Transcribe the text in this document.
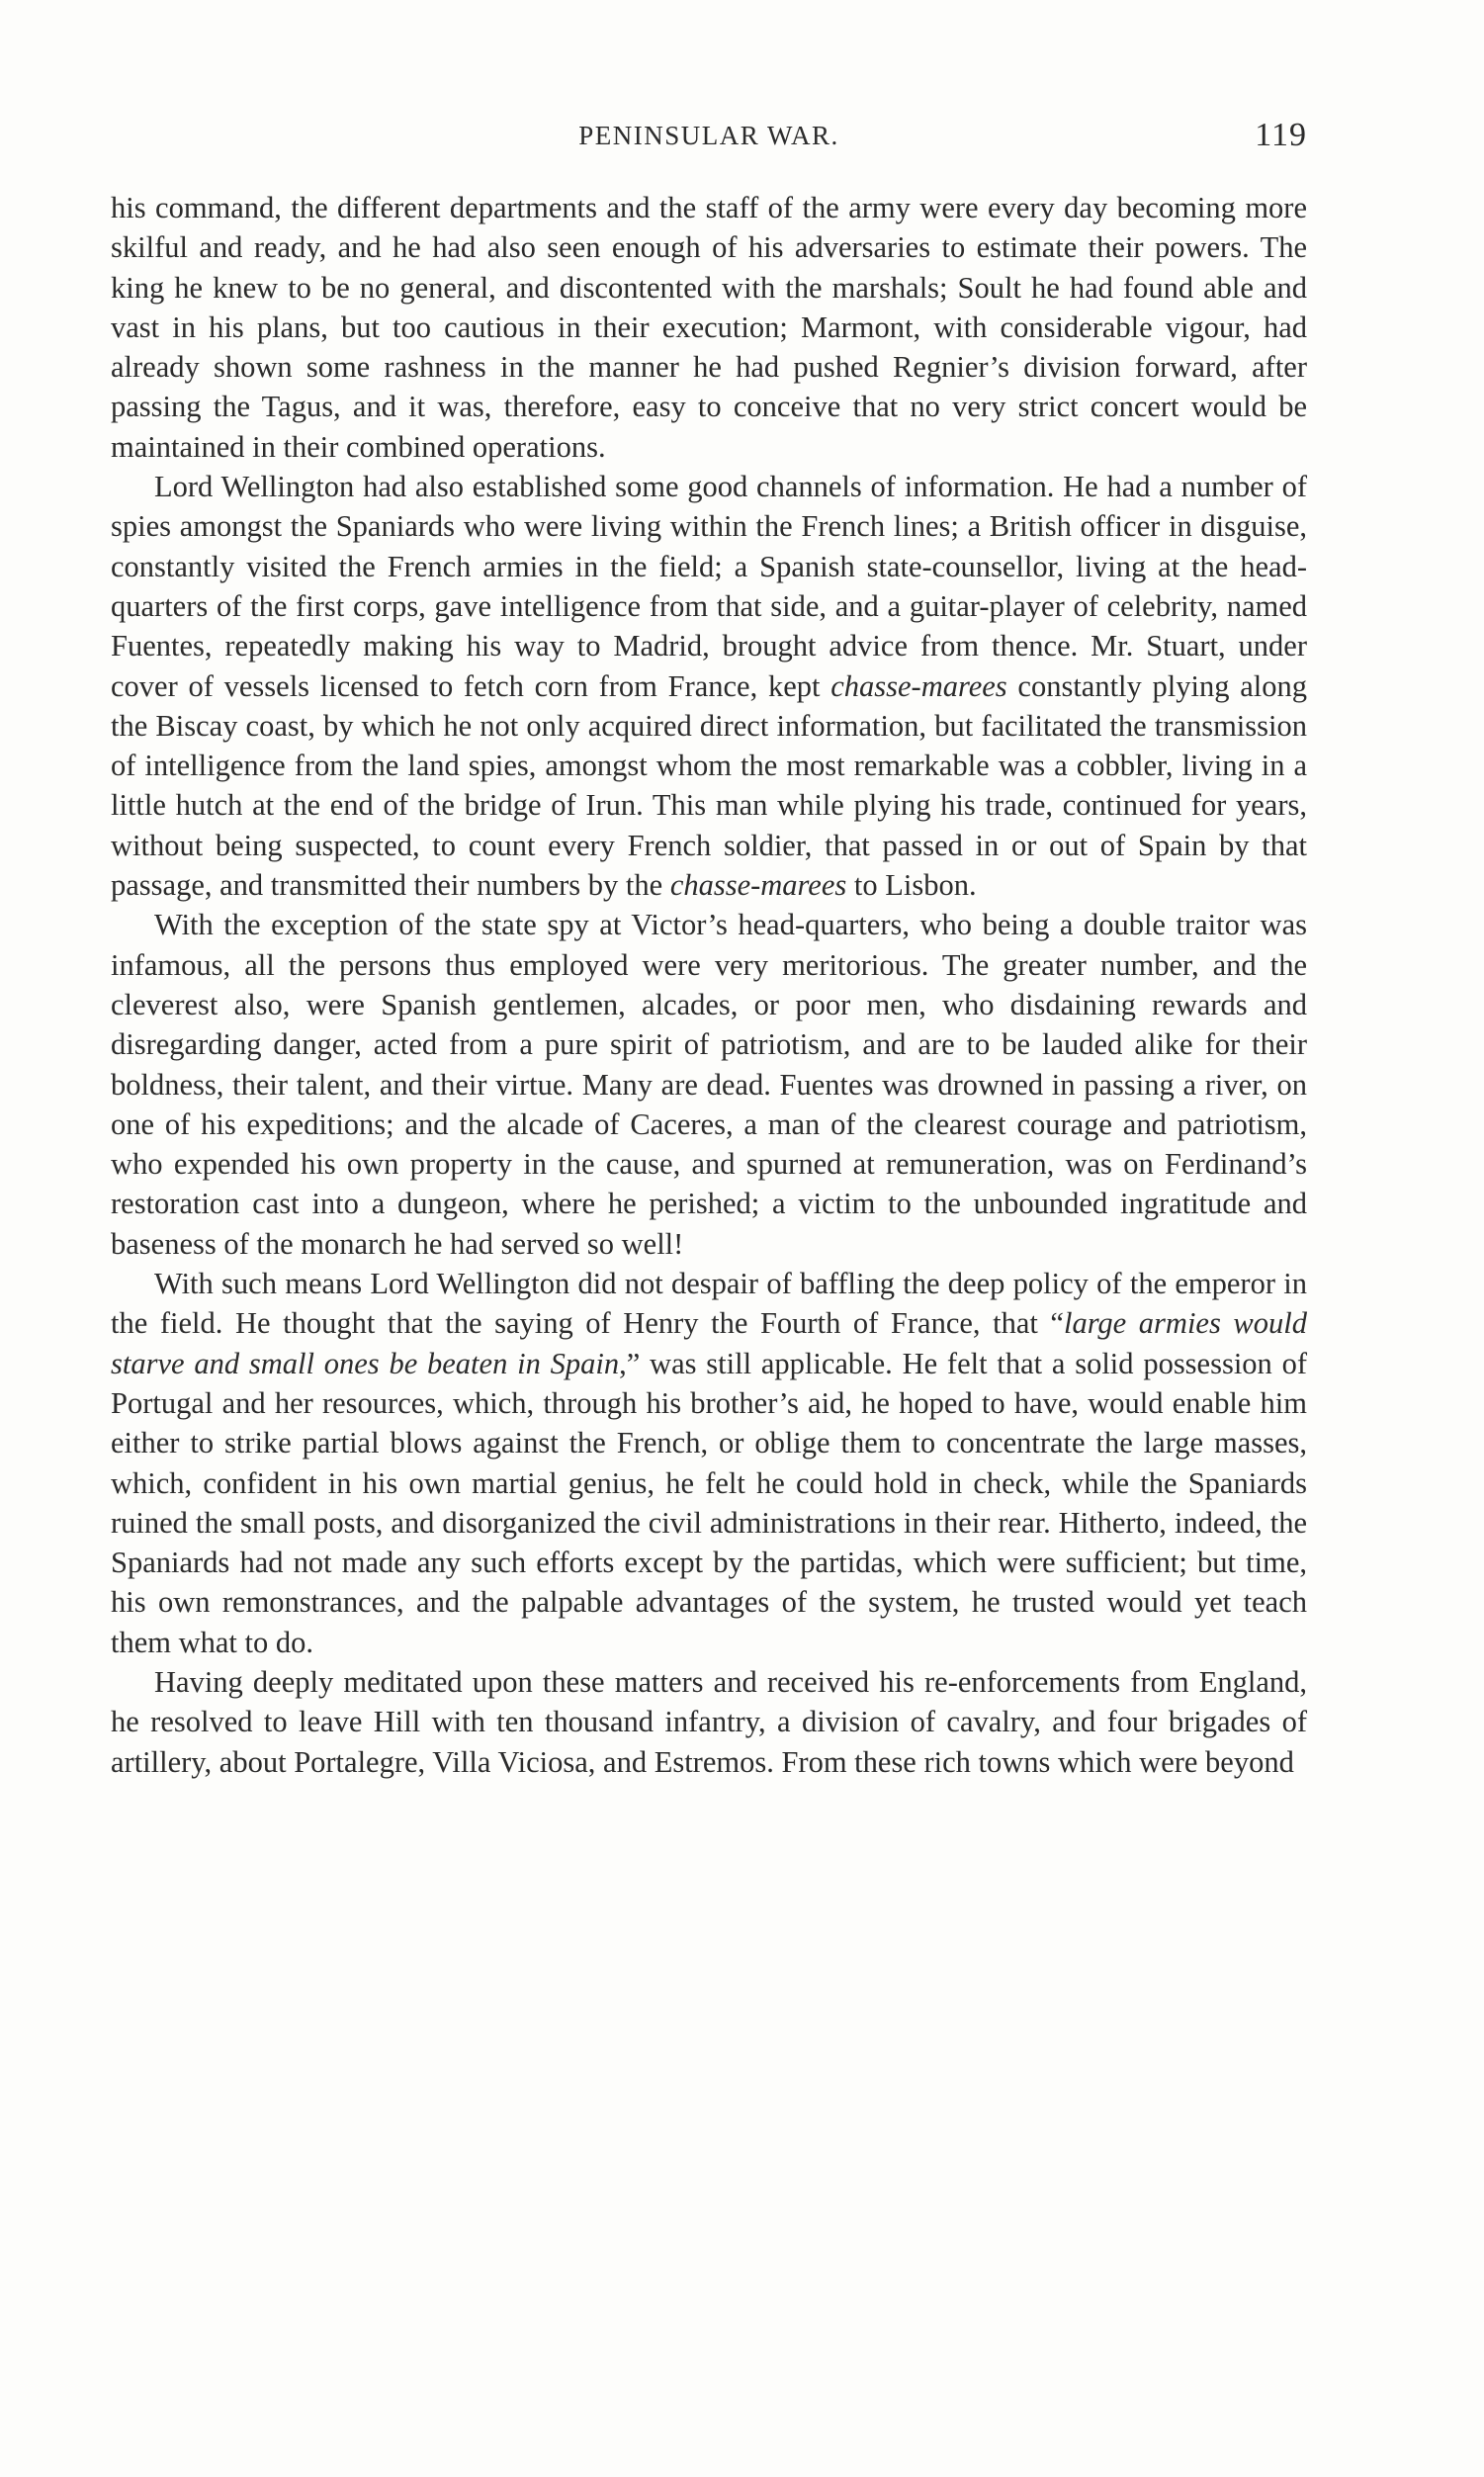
PENINSULAR WAR.	119

his command, the different departments and the staff of the army were every day becoming more skilful and ready, and he had also seen enough of his adversaries to estimate their powers. The king he knew to be no general, and discontented with the marshals; Soult he had found able and vast in his plans, but too cautious in their execution; Marmont, with considerable vigour, had already shown some rashness in the manner he had pushed Regnier’s division forward, after passing the Tagus, and it was, therefore, easy to conceive that no very strict concert would be maintained in their combined operations.

Lord Wellington had also established some good channels of information. He had a number of spies amongst the Spaniards who were living within the French lines; a British officer in disguise, constantly visited the French armies in the field; a Spanish state-counsellor, living at the head-quarters of the first corps, gave intelligence from that side, and a guitar-player of celebrity, named Fuentes, repeatedly making his way to Madrid, brought advice from thence. Mr. Stuart, under cover of vessels licensed to fetch corn from France, kept chasse-marees constantly plying along the Biscay coast, by which he not only acquired direct information, but facilitated the transmission of intelligence from the land spies, amongst whom the most remarkable was a cobbler, living in a little hutch at the end of the bridge of Irun. This man while plying his trade, continued for years, without being suspected, to count every French soldier, that passed in or out of Spain by that passage, and transmitted their numbers by the chasse-marees to Lisbon.

With the exception of the state spy at Victor’s head-quarters, who being a double traitor was infamous, all the persons thus employed were very meritorious. The greater number, and the cleverest also, were Spanish gentlemen, alcades, or poor men, who disdaining rewards and disregarding danger, acted from a pure spirit of patriotism, and are to be lauded alike for their boldness, their talent, and their virtue. Many are dead. Fuentes was drowned in passing a river, on one of his expeditions; and the alcade of Caceres, a man of the clearest courage and patriotism, who expended his own property in the cause, and spurned at remuneration, was on Ferdinand’s restoration cast into a dungeon, where he perished; a victim to the unbounded ingratitude and baseness of the monarch he had served so well!

With such means Lord Wellington did not despair of baffling the deep policy of the emperor in the field. He thought that the saying of Henry the Fourth of France, that “large armies would starve and small ones be beaten in Spain,” was still applicable. He felt that a solid possession of Portugal and her resources, which, through his brother’s aid, he hoped to have, would enable him either to strike partial blows against the French, or oblige them to concentrate the large masses, which, confident in his own martial genius, he felt he could hold in check, while the Spaniards ruined the small posts, and disorganized the civil administrations in their rear. Hitherto, indeed, the Spaniards had not made any such efforts except by the partidas, which were sufficient; but time, his own remonstrances, and the palpable advantages of the system, he trusted would yet teach them what to do.

Having deeply meditated upon these matters and received his re-enforcements from England, he resolved to leave Hill with ten thousand infantry, a division of cavalry, and four brigades of artillery, about Portalegre, Villa Viciosa, and Estremos. From these rich towns which were beyond
